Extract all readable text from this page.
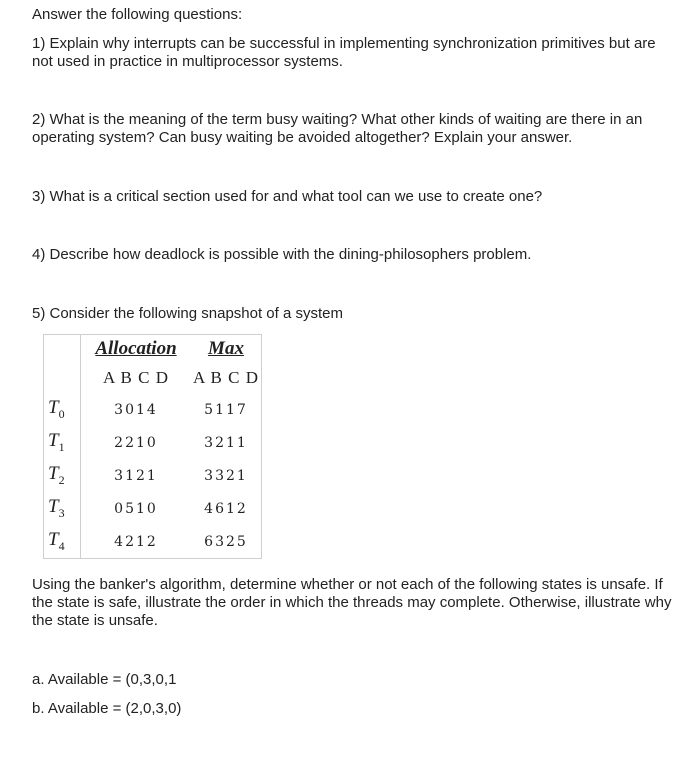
Answer the following questions:

1) Explain why interrupts can be successful in implementing synchronization primitives but are not used in practice in multiprocessor systems.

2) What is the meaning of the term busy waiting? What other kinds of waiting are there in an operating system? Can busy waiting be avoided altogether? Explain your answer.

3) What is a critical section used for and what tool can we use to create one?

4) Describe how deadlock is possible with the dining-philosophers problem.

5) Consider the following snapshot of a system

	Allocation	Max
	A B C D	A B C D
$T_0$	3014	5117
$T_1$	2210	3211
$T_2$	3121	3321
$T_3$	0510	4612
$T_4$	4212	6325

Using the banker's algorithm, determine whether or not each of the following states is unsafe. If the state is safe, illustrate the order in which the threads may complete. Otherwise, illustrate why the state is unsafe.

a. Available = (0,3,0,1

b. Available = (2,0,3,0)
